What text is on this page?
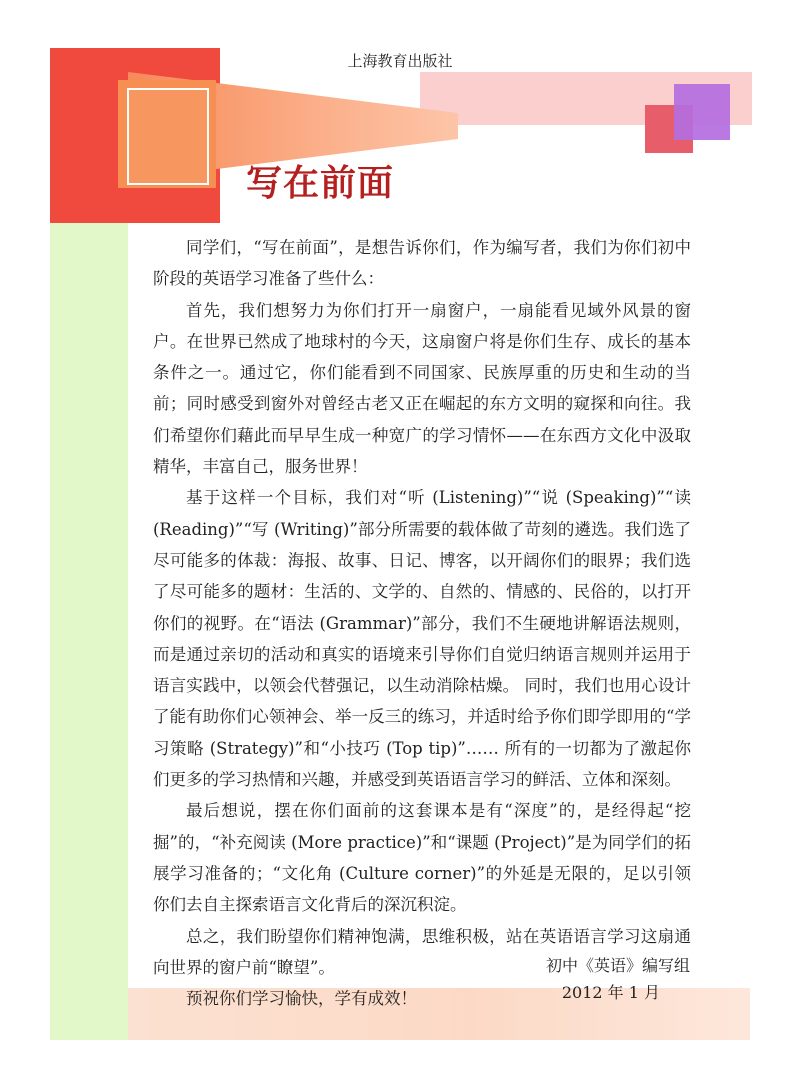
上海教育出版社
写在前面

同学们，“写在前面”，是想告诉你们，作为编写者，我们为你们初中阶段的英语学习准备了些什么：

首先，我们想努力为你们打开一扇窗户，一扇能看见域外风景的窗户。在世界已然成了地球村的今天，这扇窗户将是你们生存、成长的基本条件之一。通过它，你们能看到不同国家、民族厚重的历史和生动的当前；同时感受到窗外对曾经古老又正在崛起的东方文明的窥探和向往。我们希望你们藉此而早早生成一种宽广的学习情怀——在东西方文化中汲取精华，丰富自己，服务世界！

基于这样一个目标，我们对“听 (Listening)”“说 (Speaking)”“读 (Reading)”“写 (Writing)”部分所需要的载体做了苛刻的遴选。我们选了尽可能多的体裁：海报、故事、日记、博客，以开阔你们的眼界；我们选了尽可能多的题材：生活的、文学的、自然的、情感的、民俗的，以打开你们的视野。在“语法 (Grammar)”部分，我们不生硬地讲解语法规则，而是通过亲切的活动和真实的语境来引导你们自觉归纳语言规则并运用于语言实践中，以领会代替强记，以生动消除枯燥。 同时，我们也用心设计了能有助你们心领神会、举一反三的练习，并适时给予你们即学即用的“学习策略 (Strategy)”和“小技巧 (Top tip)”…… 所有的一切都为了激起你们更多的学习热情和兴趣，并感受到英语语言学习的鲜活、立体和深刻。

最后想说，摆在你们面前的这套课本是有“深度”的，是经得起“挖掘”的，“补充阅读 (More practice)”和“课题 (Project)”是为同学们的拓展学习准备的；“文化角 (Culture corner)”的外延是无限的，足以引领你们去自主探索语言文化背后的深沉积淀。

总之，我们盼望你们精神饱满，思维积极，站在英语语言学习这扇通向世界的窗户前“瞭望”。

预祝你们学习愉快，学有成效！

初中《英语》编写组
2012 年 1 月
